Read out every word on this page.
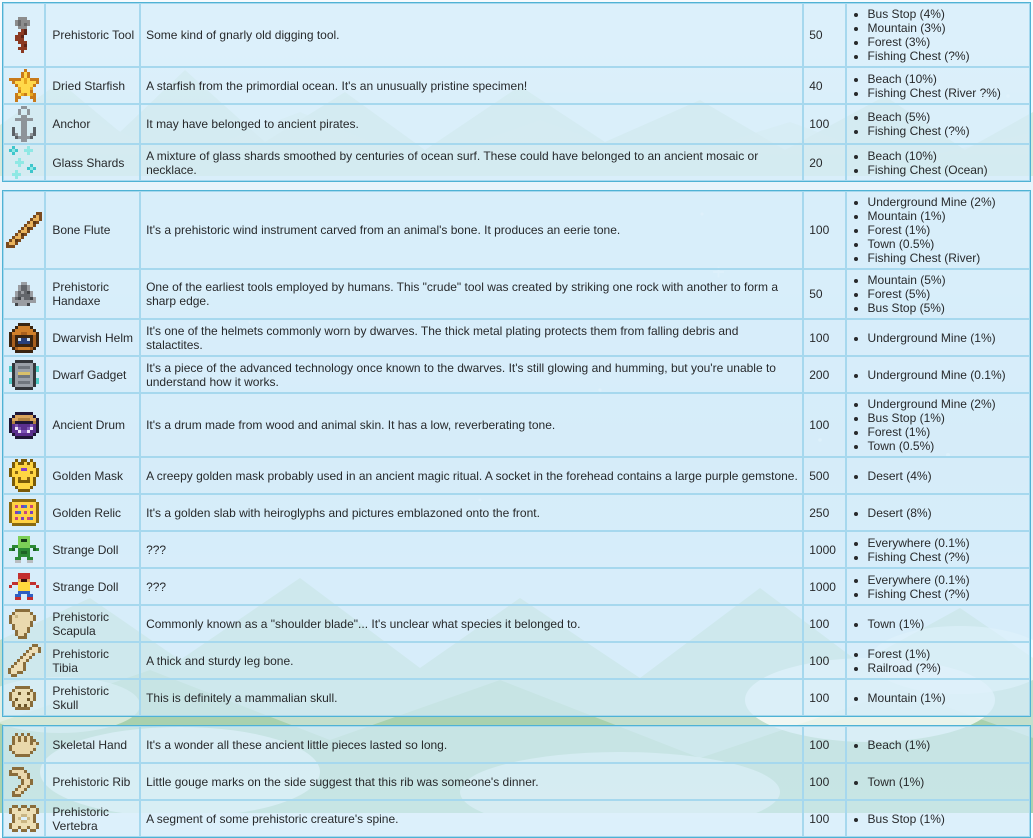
	Prehistoric Tool	Some kind of gnarly old digging tool.	50	
• Bus Stop (4%)
• Mountain (3%)
• Forest (3%)
• Fishing Chest (?%)

	Dried Starfish	A starfish from the primordial ocean. It's an unusually pristine specimen!	40	
•Beach (10%)
• Fishing Chest (River ?%)

	Anchor	It may have belonged to ancient pirates.	100	
•Beach (5%)
• Fishing Chest (?%)

	Glass Shards	A mixture of glass shards smoothed by centuries of ocean surf. These could have belonged to an ancient mosaic or necklace.	20	
•Beach (10%)
• Fishing Chest (Ocean)
	Bone Flute	It's a prehistoric wind instrument carved from an animal's bone. It produces an eerie tone.	100	
• Underground Mine (2%)
• Mountain (1%)
• Forest (1%)
• Town (0.5%)
• Fishing Chest (River)

	Prehistoric Handaxe	One of the earliest tools employed by humans. This "crude" tool was created by striking one rock with another to form a sharp edge.	50	
• Mountain (5%)
• Forest (5%)
• Bus Stop (5%)

	Dwarvish Helm	It's one of the helmets commonly worn by dwarves. The thick metal plating protects them from falling debris and stalactites.	100	
•Underground Mine (1%)

	Dwarf Gadget	It's a piece of the advanced technology once known to the dwarves. It's still glowing and humming, but you're unable to understand how it works.	200	
•Underground Mine (0.1%)

	Ancient Drum	It's a drum made from wood and animal skin. It has a low, reverberating tone.	100	
• Underground Mine (2%)
• Bus Stop (1%)
• Forest (1%)
• Town (0.5%)

	Golden Mask	A creepy golden mask probably used in an ancient magic ritual. A socket in the forehead contains a large purple gemstone.	500	
•Desert (4%)

	Golden Relic	It's a golden slab with heiroglyphs and pictures emblazoned onto the front.	250	
•Desert (8%)

	Strange Doll	???	1000	
•Everywhere (0.1%)
• Fishing Chest (?%)

	Strange Doll	???	1000	
•Everywhere (0.1%)
• Fishing Chest (?%)

	Prehistoric Scapula	Commonly known as a "shoulder blade"... It's unclear what species it belonged to.	100	
•Town (1%)

	Prehistoric Tibia	A thick and sturdy leg bone.	100	
•Forest (1%)
• Railroad (?%)

	Prehistoric Skull	This is definitely a mammalian skull.	100	
•Mountain (1%)
	Skeletal Hand	It's a wonder all these ancient little pieces lasted so long.	100	
•Beach (1%)

	Prehistoric Rib	Little gouge marks on the side suggest that this rib was someone's dinner.	100	
•Town (1%)

	Prehistoric Vertebra	A segment of some prehistoric creature's spine.	100	
•Bus Stop (1%)
